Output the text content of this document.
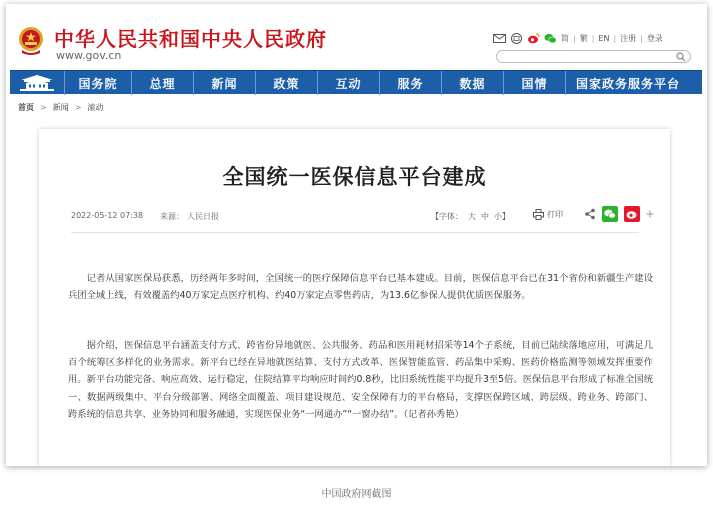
中华人民共和国中央人民政府
www.gov.cn
简 | 繁 | EN | 注册 | 登录
国务院	总理	新闻	政策	互动	服务	数据	国情	国家政务服务平台
首页 > 新闻 > 滚动
全国统一医保信息平台建成
2022-05-12 07:38 来源： 人民日报	【字体： 大 中 小】	打印

记者从国家医保局获悉，历经两年多时间，全国统一的医疗保障信息平台已基本建成。目前，医保信息平台已在31个省份和新疆生产建设兵团全域上线，有效覆盖约40万家定点医疗机构、约40万家定点零售药店，为13.6亿参保人提供优质医保服务。

据介绍，医保信息平台涵盖支付方式、跨省份异地就医、公共服务、药品和医用耗材招采等14个子系统，目前已陆续落地应用，可满足几百个统筹区多样化的业务需求。新平台已经在异地就医结算、支付方式改革、医保智能监管、药品集中采购、医药价格监测等领域发挥重要作用。新平台功能完备、响应高效、运行稳定，住院结算平均响应时间约0.8秒，比旧系统性能平均提升3至5倍。医保信息平台形成了标准全国统一、数据两级集中、平台分级部署、网络全面覆盖、项目建设规范、安全保障有力的平台格局，支撑医保跨区域、跨层级、跨业务、跨部门、跨系统的信息共享、业务协同和服务融通，实现医保业务“一网通办”“一窗办结”。（记者孙秀艳）

中国政府网截图
